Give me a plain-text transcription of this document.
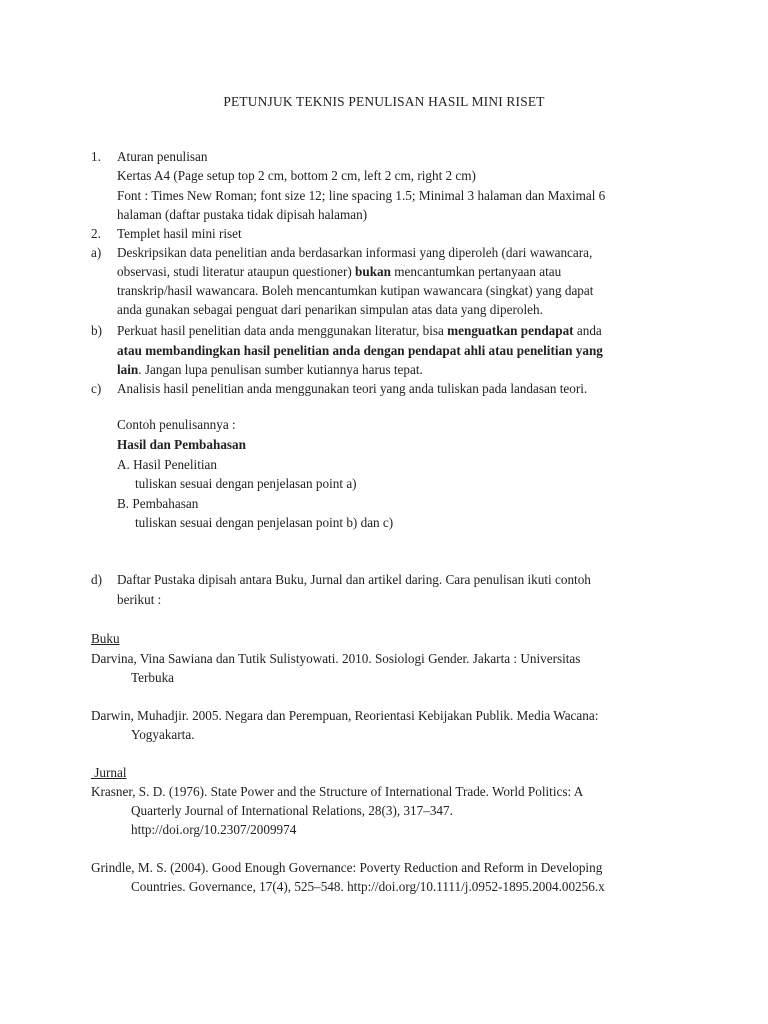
PETUNJUK TEKNIS PENULISAN HASIL MINI RISET
1. Aturan penulisan
Kertas A4 (Page setup top 2 cm, bottom 2 cm, left 2 cm, right 2 cm)
Font : Times New Roman; font size 12; line spacing 1.5; Minimal 3 halaman dan Maximal 6
halaman (daftar pustaka tidak dipisah halaman)
2. Templet hasil mini riset
a) Deskripsikan data penelitian anda berdasarkan informasi yang diperoleh (dari wawancara,
observasi, studi literatur ataupun questioner) bukan mencantumkan pertanyaan atau
transkrip/hasil wawancara. Boleh mencantumkan kutipan wawancara (singkat) yang dapat
anda gunakan sebagai penguat dari penarikan simpulan atas data yang diperoleh.
b) Perkuat hasil penelitian data anda menggunakan literatur, bisa menguatkan pendapat anda
atau membandingkan hasil penelitian anda dengan pendapat ahli atau penelitian yang
lain. Jangan lupa penulisan sumber kutiannya harus tepat.
c) Analisis hasil penelitian anda menggunakan teori yang anda tuliskan pada landasan teori.
Contoh penulisannya :
Hasil dan Pembahasan
A. Hasil Penelitian
tuliskan sesuai dengan penjelasan point a)
B. Pembahasan
tuliskan sesuai dengan penjelasan point b) dan c)
d) Daftar Pustaka dipisah antara Buku, Jurnal dan artikel daring. Cara penulisan ikuti contoh
berikut :
Buku
Darvina, Vina Sawiana dan Tutik Sulistyowati. 2010. Sosiologi Gender. Jakarta : Universitas
Terbuka
Darwin, Muhadjir. 2005. Negara dan Perempuan, Reorientasi Kebijakan Publik. Media Wacana:
Yogyakarta.
Jurnal
Krasner, S. D. (1976). State Power and the Structure of International Trade. World Politics: A
Quarterly Journal of International Relations, 28(3), 317–347.
http://doi.org/10.2307/2009974
Grindle, M. S. (2004). Good Enough Governance: Poverty Reduction and Reform in Developing
Countries. Governance, 17(4), 525–548. http://doi.org/10.1111/j.0952-1895.2004.00256.x
